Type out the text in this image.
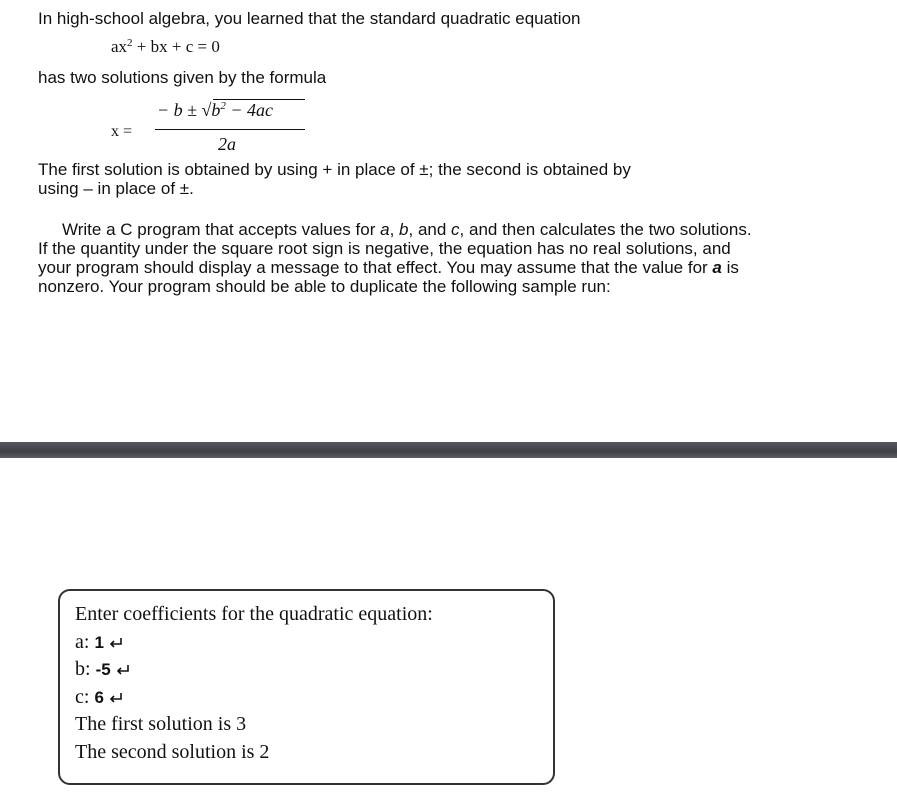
In high-school algebra, you learned that the standard quadratic equation

$ax^2$ + bx + c = 0

has two solutions given by the formula

x =
− $b \pm √b^2 - 4ac$
2a

The first solution is obtained by using + in place of ±; the second is obtained by

using – in place of ±.

Write a C program that accepts values for a, b, and c, and then calculates the two solutions.
If the quantity under the square root sign is negative, the equation has no real solutions, and
your program should display a message to that effect. You may assume that the value for a is
nonzero. Your program should be able to duplicate the following sample run:
Enter coefficients for the quadratic equation:
a: 1
b: -5
c: 6
The first solution is 3
The second solution is 2
